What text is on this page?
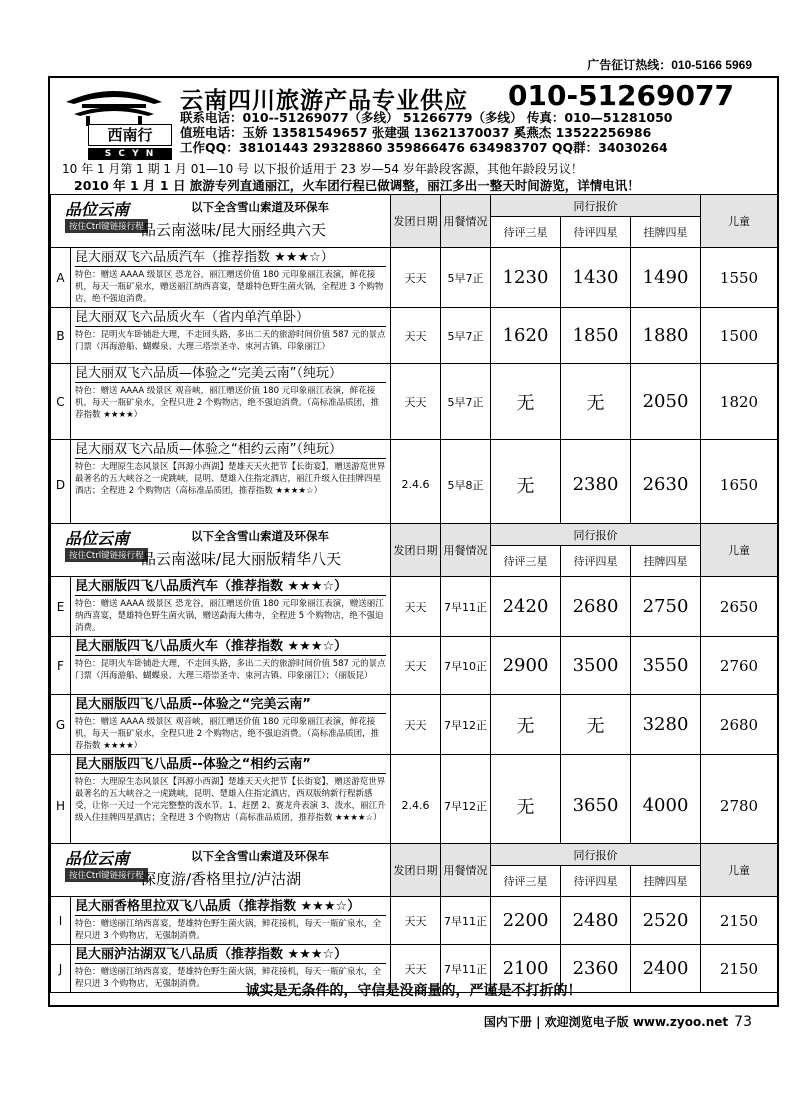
广告征订热线：010-5166 5969
西南行
S C Y N
云南四川旅游产品专业供应 010-51269077
联系电话：010--51269077（多线） 51266779（多线） 传真：010—51281050
值班电话：玉娇 13581549657 张建强 13621370037 奚燕杰 13522256986
工作QQ：38101443 29328860 359866476 634983707 QQ群：34030264
10 年 1 月第 1 期 1 月 01—10 号 以下报价适用于 23 岁—54 岁年龄段客源，其他年龄段另议！
2010 年 1 月 1 日 旅游专列直通丽江，火车团行程已做调整，丽江多出一整天时间游览，详情电讯！
品位云南 以下全含雪山索道及环保车
按住Ctrl键链接行程
品云南滋味/昆大丽经典六天		发团日期	用餐情况	同行报价			儿童
				待评三星	待评四星	挂牌四星	
A	昆大丽双飞六品质汽车（推荐指数 ★★★☆）
特色：赠送 AAAA 级景区 恐龙谷，丽江赠送价值 180 元印象丽江表演，鲜花接机，每天一瓶矿泉水，赠送丽江纳西喜宴，楚雄特色野生菌火锅，全程进 3 个购物店，绝不强迫消费。	天天	5早7正	1230	1430	1490	1550
B	昆大丽双飞六品质火车（省内单汽单卧）
特色：昆明火车卧铺赴大理，不走回头路，多出二天的旅游时间价值 587 元的景点门票（洱海游船、蝴蝶泉、大理三塔崇圣寺、束河古镇、印象丽江）	天天	5早7正	1620	1850	1880	1500
C	昆大丽双飞六品质—体验之“完美云南”（纯玩）
特色：赠送 AAAA 级景区 观音峡，丽江赠送价值 180 元印象丽江表演，鲜花接机，每天一瓶矿泉水，全程只进 2 个购物店，绝不强迫消费。（高标准品质团，推荐指数 ★★★★）	天天	5早7正	无	无	2050	1820
D	昆大丽双飞六品质—体验之“相约云南”（纯玩）
特色：大理原生态风景区【洱源小西湖】楚雄天天火把节【长街宴】，赠送游览世界最著名的五大峡谷之一虎跳峡，昆明、楚雄入住指定酒店，丽江升级入住挂牌四星酒店；全程进 2 个购物店（高标准品质团，推荐指数 ★★★★☆）	2.4.6	5早8正	无	2380	2630	1650
品位云南 以下全含雪山索道及环保车
按住Ctrl键链接行程
品云南滋味/昆大丽版精华八天		发团日期	用餐情况	同行报价			儿童
				待评三星	待评四星	挂牌四星	
E	昆大丽版四飞八品质汽车（推荐指数 ★★★☆）
特色：赠送 AAAA 级景区 恐龙谷，丽江赠送价值 180 元印象丽江表演，赠送丽江纳西喜宴，楚雄特色野生菌火锅，赠送勐海大佛寺，全程进 5 个购物店，绝不强迫消费。	天天	7早11正	2420	2680	2750	2650
F	昆大丽版四飞八品质火车（推荐指数 ★★★☆）
特色：昆明火车卧铺赴大理，不走回头路，多出二天的旅游时间价值 587 元的景点门票（洱海游船、蝴蝶泉、大理三塔崇圣寺、束河古镇、印象丽江）；（丽版昆）	天天	7早10正	2900	3500	3550	2760
G	昆大丽版四飞八品质--体验之“完美云南”
特色：赠送 AAAA 级景区 观音峡，丽江赠送价值 180 元印象丽江表演，鲜花接机，每天一瓶矿泉水，全程只进 2 个购物店，绝不强迫消费。（高标准品质团，推荐指数 ★★★★）	天天	7早12正	无	无	3280	2680
H	昆大丽版四飞八品质--体验之“相约云南”
特色：大理原生态风景区【洱源小西湖】楚雄天天火把节【长街宴】，赠送游览世界最著名的五大峡谷之一虎跳峡，昆明、楚雄入住指定酒店，西双版纳新行程新感受，让你一天过一个完完整整的泼水节。1、赶摆 2、赛龙舟表演 3、泼水，丽江升级入住挂牌四星酒店；全程进 3 个购物店（高标准品质团，推荐指数 ★★★★☆）	2.4.6	7早12正	无	3650	4000	2780
品位云南 以下全含雪山索道及环保车
按住Ctrl键链接行程
深度游/香格里拉/泸沽湖		发团日期	用餐情况	同行报价			儿童
				待评三星	待评四星	挂牌四星	
I	昆大丽香格里拉双飞八品质（推荐指数 ★★★☆）
特色：赠送丽江纳西喜宴，楚雄特色野生菌火锅，鲜花接机，每天一瓶矿泉水，全程只进 3 个购物店，无强制消费。	天天	7早11正	2200	2480	2520	2150
J	昆大丽泸沽湖双飞八品质（推荐指数 ★★★☆）
特色：赠送丽江纳西喜宴，楚雄特色野生菌火锅，鲜花接机，每天一瓶矿泉水，全程只进 3 个购物店，无强制消费。	天天	7早11正	2100	2360	2400	2150
诚实是无条件的，守信是没商量的，严谨是不打折的！
国内下册 | 欢迎浏览电子版 www.zyoo.net 73
